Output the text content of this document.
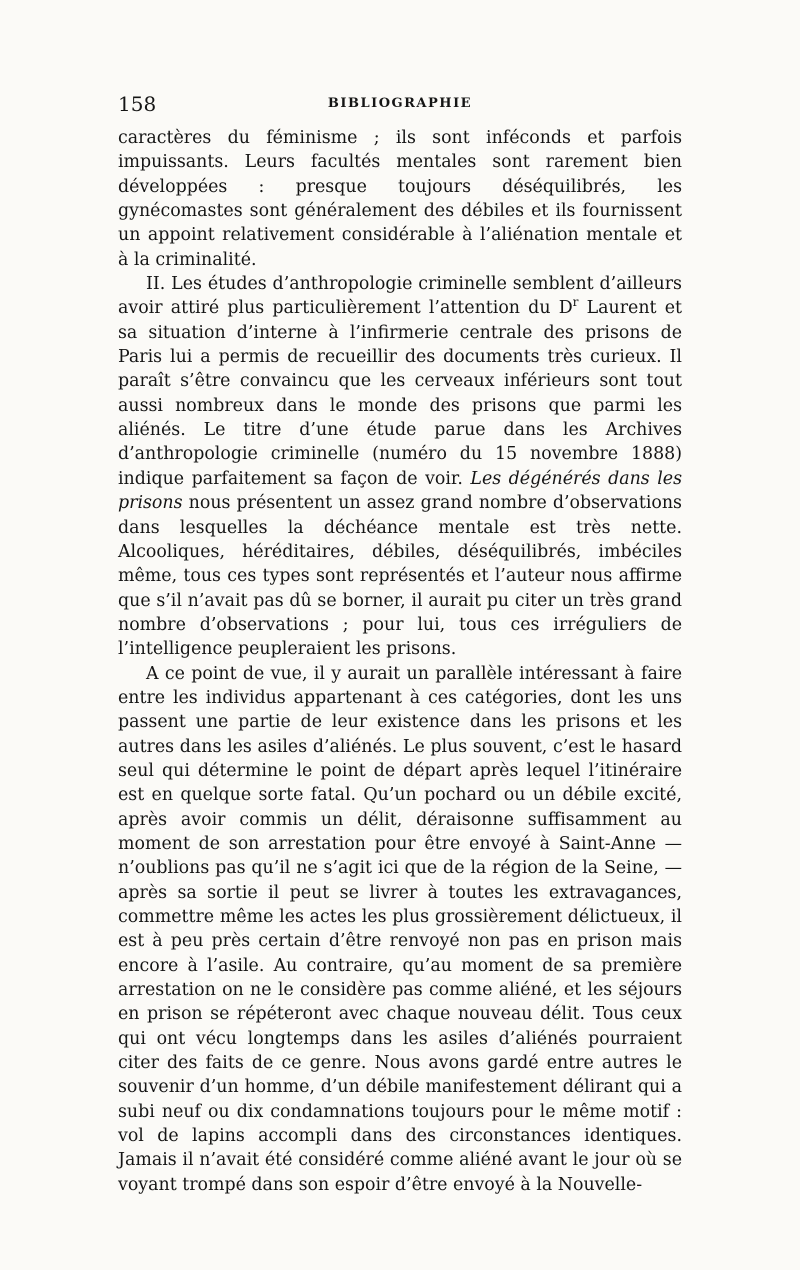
158	BIBLIOGRAPHIE

caractères du féminisme ; ils sont inféconds et parfois impuissants. Leurs facultés mentales sont rarement bien développées : presque toujours déséquilibrés, les gynécomastes sont généralement des débiles et ils fournissent un appoint relativement considérable à l’aliénation mentale et à la criminalité.

II. Les études d’anthropologie criminelle semblent d’ailleurs avoir attiré plus particulièrement l’attention du $D^r$ Laurent et sa situation d’interne à l’infirmerie centrale des prisons de Paris lui a permis de recueillir des documents très curieux. Il paraît s’être convaincu que les cerveaux inférieurs sont tout aussi nombreux dans le monde des prisons que parmi les aliénés. Le titre d’une étude parue dans les Archives d’anthropologie criminelle (numéro du 15 novembre 1888) indique parfaitement sa façon de voir. Les dégénérés dans les prisons nous présentent un assez grand nombre d’observations dans lesquelles la déchéance mentale est très nette. Alcooliques, héréditaires, débiles, déséquilibrés, imbéciles même, tous ces types sont représentés et l’auteur nous affirme que s’il n’avait pas dû se borner, il aurait pu citer un très grand nombre d’observations ; pour lui, tous ces irréguliers de l’intelligence peupleraient les prisons.

A ce point de vue, il y aurait un parallèle intéressant à faire entre les individus appartenant à ces catégories, dont les uns passent une partie de leur existence dans les prisons et les autres dans les asiles d’aliénés. Le plus souvent, c’est le hasard seul qui détermine le point de départ après lequel l’itinéraire est en quelque sorte fatal. Qu’un pochard ou un débile excité, après avoir commis un délit, déraisonne suffisamment au moment de son arrestation pour être envoyé à Saint-Anne — n’oublions pas qu’il ne s’agit ici que de la région de la Seine, — après sa sortie il peut se livrer à toutes les extravagances, commettre même les actes les plus grossièrement délictueux, il est à peu près certain d’être renvoyé non pas en prison mais encore à l’asile. Au contraire, qu’au moment de sa première arrestation on ne le considère pas comme aliéné, et les séjours en prison se répéteront avec chaque nouveau délit. Tous ceux qui ont vécu longtemps dans les asiles d’aliénés pourraient citer des faits de ce genre. Nous avons gardé entre autres le souvenir d’un homme, d’un débile manifestement délirant qui a subi neuf ou dix condamnations toujours pour le même motif : vol de lapins accompli dans des circonstances identiques. Jamais il n’avait été considéré comme aliéné avant le jour où se voyant trompé dans son espoir d’être envoyé à la Nouvelle-
